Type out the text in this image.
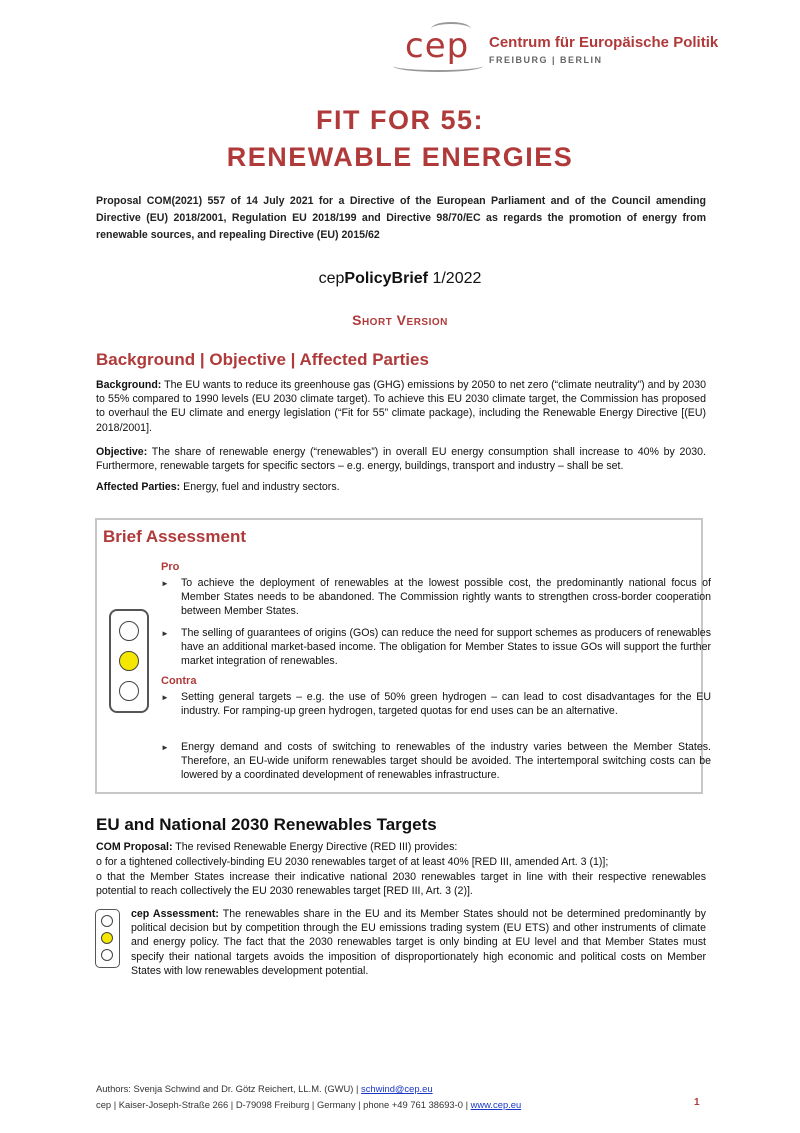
cep Centrum für Europäische Politik
FREIBURG | BERLIN
FIT FOR 55:
RENEWABLE ENERGIES
Proposal COM(2021) 557 of 14 July 2021 for a Directive of the European Parliament and of the Council amending Directive (EU) 2018/2001, Regulation EU 2018/199 and Directive 98/70/EC as regards the promotion of energy from renewable sources, and repealing Directive (EU) 2015/62
cepPolicyBrief 1/2022
Short Version
Background | Objective | Affected Parties
Background: The EU wants to reduce its greenhouse gas (GHG) emissions by 2050 to net zero (“climate neutrality”) and by 2030 to 55% compared to 1990 levels (EU 2030 climate target). To achieve this EU 2030 climate target, the Commission has proposed to overhaul the EU climate and energy legislation (“Fit for 55” climate package), including the Renewable Energy Directive [(EU) 2018/2001].
Objective: The share of renewable energy (“renewables”) in overall EU energy consumption shall increase to 40% by 2030. Furthermore, renewable targets for specific sectors – e.g. energy, buildings, transport and industry – shall be set.
Affected Parties: Energy, fuel and industry sectors.
Brief Assessment
Pro
► To achieve the deployment of renewables at the lowest possible cost, the predominantly national focus of Member States needs to be abandoned. The Commission rightly wants to strengthen cross-border cooperation between Member States.
► The selling of guarantees of origins (GOs) can reduce the need for support schemes as producers of renewables have an additional market-based income. The obligation for Member States to issue GOs will support the further market integration of renewables.
Contra
► Setting general targets – e.g. the use of 50% green hydrogen – can lead to cost disadvantages for the EU industry. For ramping-up green hydrogen, targeted quotas for end uses can be an alternative.
► Energy demand and costs of switching to renewables of the industry varies between the Member States. Therefore, an EU-wide uniform renewables target should be avoided. The intertemporal switching costs can be lowered by a coordinated development of renewables infrastructure.
EU and National 2030 Renewables Targets
COM Proposal: The revised Renewable Energy Directive (RED III) provides:
o for a tightened collectively-binding EU 2030 renewables target of at least 40% [RED III, amended Art. 3 (1)];
o that the Member States increase their indicative national 2030 renewables target in line with their respective renewables potential to reach collectively the EU 2030 renewables target [RED III, Art. 3 (2)].
cep Assessment: The renewables share in the EU and its Member States should not be determined predominantly by political decision but by competition through the EU emissions trading system (EU ETS) and other instruments of climate and energy policy. The fact that the 2030 renewables target is only binding at EU level and that Member States must specify their national targets avoids the imposition of disproportionately high economic and political costs on Member States with low renewables development potential.
Authors: Svenja Schwind and Dr. Götz Reichert, LL.M. (GWU) | schwind@cep.eu
cep | Kaiser-Joseph-Straße 266 | D-79098 Freiburg | Germany | phone +49 761 38693-0 | www.cep.eu	1
